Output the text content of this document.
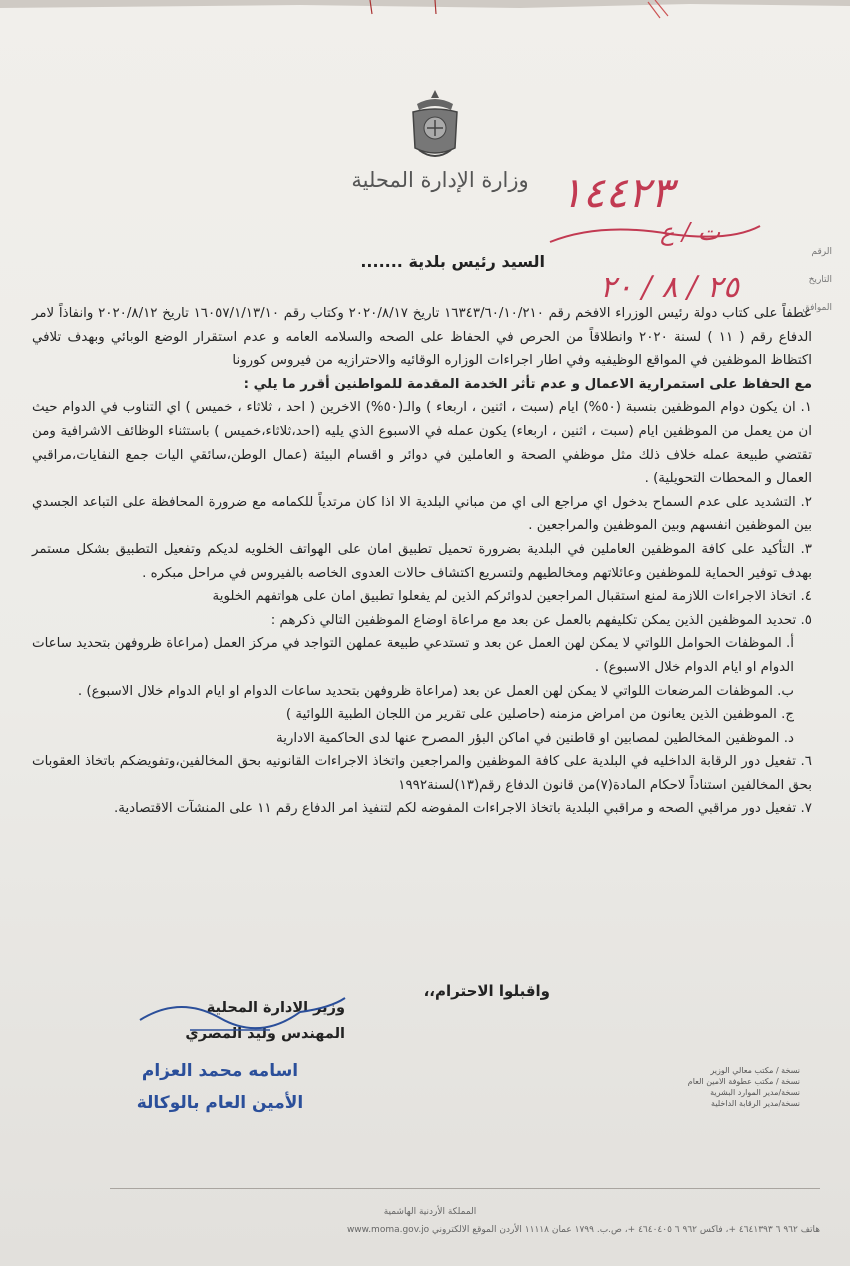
وزارة الإدارة المحلية ١٤٤٢٣
ت / ع
٢٥ / ٨ / ٢٠
الرقم
التاريخ
الموافق
السيد رئيس بلدية .......

عطفاً على كتاب دولة رئيس الوزراء الافخم رقم ١٦٣٤٣/٦٠/١٠/٢١٠ تاريخ ٢٠٢٠/٨/١٧ وكتاب رقم ١٦٠٥٧/١/١٣/١٠ تاريخ ٢٠٢٠/٨/١٢ وانفاذاً لامر الدفاع رقم ( ١١ ) لسنة ٢٠٢٠ وانطلاقاً من الحرص في الحفاظ على الصحه والسلامه العامه و عدم استقرار الوضع الوبائي وبهدف تلافي اكتظاظ الموظفين في المواقع الوظيفيه وفي اطار اجراءات الوزاره الوقائيه والاحترازيه من فيروس كورونا

مع الحفاظ على استمرارية الاعمال و عدم تأثر الخدمة المقدمة للمواطنين أقرر ما يلي :

١. ان يكون دوام الموظفين بنسبة (٥٠%) ايام (سبت ، اثنين ، اربعاء ) والـ(٥٠%) الاخرين ( احد ، ثلاثاء ، خميس ) اي التناوب في الدوام حيث ان من يعمل من الموظفين ايام (سبت ، اثنين ، اربعاء) يكون عمله في الاسبوع الذي يليه (احد،ثلاثاء،خميس ) باستثناء الوظائف الاشرافية ومن تقتضي طبيعة عمله خلاف ذلك مثل موظفي الصحة و العاملين في دوائر و اقسام البيئة (عمال الوطن،سائقي اليات جمع النفايات،مراقبي العمال و المحطات التحويلية) .

٢. التشديد على عدم السماح بدخول اي مراجع الى اي من مباني البلدية الا اذا كان مرتدياً للكمامه مع ضرورة المحافظة على التباعد الجسدي بين الموظفين انفسهم وبين الموظفين والمراجعين .

٣. التأكيد على كافة الموظفين العاملين في البلدية بضرورة تحميل تطبيق امان على الهواتف الخلويه لديكم وتفعيل التطبيق بشكل مستمر بهدف توفير الحماية للموظفين وعائلاتهم ومخالطيهم ولتسريع اكتشاف حالات العدوى الخاصه بالفيروس في مراحل مبكره .

٤. اتخاذ الاجراءات اللازمة لمنع استقبال المراجعين لدوائركم الذين لم يفعلوا تطبيق امان على هواتفهم الخلوية

٥. تحديد الموظفين الذين يمكن تكليفهم بالعمل عن بعد مع مراعاة اوضاع الموظفين التالي ذكرهم :

أ. الموظفات الحوامل اللواتي لا يمكن لهن العمل عن بعد و تستدعي طبيعة عملهن التواجد في مركز العمل (مراعاة ظروفهن بتحديد ساعات الدوام او ايام الدوام خلال الاسبوع) .

ب. الموظفات المرضعات اللواتي لا يمكن لهن العمل عن بعد (مراعاة ظروفهن بتحديد ساعات الدوام او ايام الدوام خلال الاسبوع) .

ج. الموظفين الذين يعانون من امراض مزمنه (حاصلين على تقرير من اللجان الطبية اللوائية )

د. الموظفين المخالطين لمصابين او قاطنين في اماكن البؤر المصرح عنها لدى الحاكمية الادارية

٦. تفعيل دور الرقابة الداخليه في البلدية على كافة الموظفين والمراجعين واتخاذ الاجراءات القانونيه بحق المخالفين،وتفويضكم باتخاذ العقوبات بحق المخالفين استناداً لاحكام المادة(٧)من قانون الدفاع رقم(١٣)لسنة١٩٩٢

٧. تفعيل دور مراقبي الصحه و مراقبي البلدية باتخاذ الاجراءات المفوضه لكم لتنفيذ امر الدفاع رقم ١١ على المنشآت الاقتصادية.

واقبلوا الاحترام،،
وزير الادارة المحلية
المهندس وليد المصري
اسامه محمد العزام
الأمين العام بالوكالة
نسخة / مكتب معالي الوزير
نسخة / مكتب عطوفة الامين العام
نسخة/مدير الموارد البشرية
نسخة/مدير الرقابة الداخلية
المملكة الأردنية الهاشمية
هاتف ٩٦٢ ٦ ٤٦٤١٣٩٣ +، فاكس ٩٦٢ ٦ ٤٦٤٠٤٠٥ +، ص.ب. ١٧٩٩ عمان ١١١١٨ الأردن الموقع الالكتروني www.moma.gov.jo
